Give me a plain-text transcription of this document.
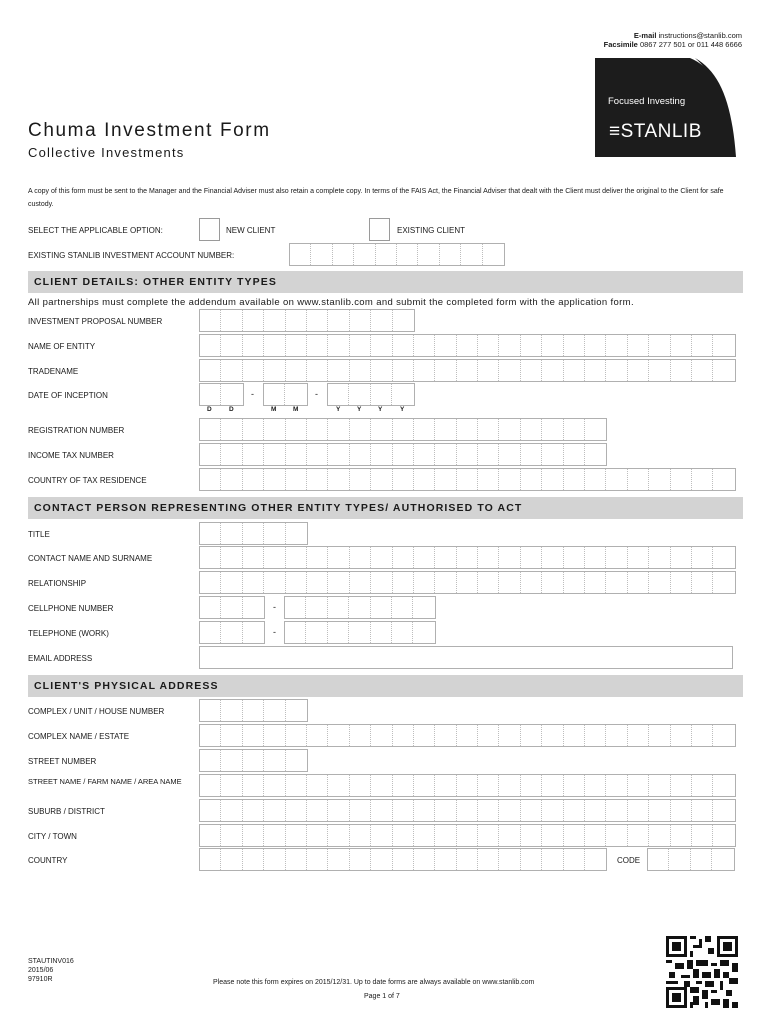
E-mail instructions@stanlib.com
Facsimile 0867 277 501 or 011 448 6666
Focused Investing
≡STANLIB
Chuma Investment Form
Collective Investments
A copy of this form must be sent to the Manager and the Financial Adviser must also retain a complete copy. In terms of the FAIS Act, the Financial Adviser that dealt with the Client must deliver the original to the Client for safe custody.
SELECT THE APPLICABLE OPTION:	NEW CLIENT	EXISTING CLIENT
EXISTING STANLIB INVESTMENT ACCOUNT NUMBER:
CLIENT DETAILS: OTHER ENTITY TYPES
All partnerships must complete the addendum available on www.stanlib.com and submit the completed form with the application form.
INVESTMENT PROPOSAL NUMBER
NAME OF ENTITY
TRADENAME
DATE OF INCEPTION	-	-
D	D	M	M	Y	Y	Y	Y
REGISTRATION NUMBER
INCOME TAX NUMBER
COUNTRY OF TAX RESIDENCE
CONTACT PERSON REPRESENTING OTHER ENTITY TYPES/ AUTHORISED TO ACT
TITLE
CONTACT NAME AND SURNAME
RELATIONSHIP
CELLPHONE NUMBER	-
TELEPHONE (WORK)	-
EMAIL ADDRESS
CLIENT'S PHYSICAL ADDRESS
COMPLEX / UNIT / HOUSE NUMBER
COMPLEX NAME / ESTATE
STREET NUMBER
STREET NAME / FARM NAME / AREA NAME
SUBURB / DISTRICT
CITY / TOWN
COUNTRY	CODE
STAUTINV016
2015/06
97910R	Please note this form expires on 2015/12/31. Up to date forms are always available on www.stanlib.com
Page 1 of 7
